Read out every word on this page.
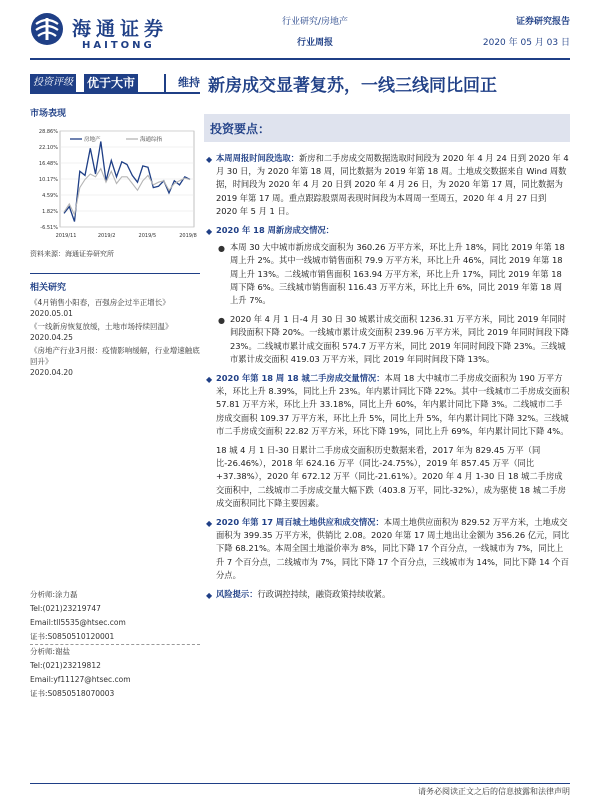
海通证券
HAITONG
行业研究/房地产
行业周报
证券研究报告
2020 年 05 月 03 日
投资评级 优于大市	维持
市场表现
28.86%
22.10%
16.48%
10.17%
4.59%
1.82%
-6.51%
2019/11	2019/2	2019/5	2019/8
房地产	海通综指
资料来源：海通证券研究所
相关研究
《4月销售小阳春，百强房企过半正增长》
2020.05.01
《一线新房恢复放缓，土地市场持续回温》
2020.04.25
《房地产行业3月报：疫情影响缓解，行业增速触底回升》
2020.04.20
分析师:涂力磊
Tel:(021)23219747
Email:tll5535@htsec.com
证书:S0850510120001
分析师:谢盐
Tel:(021)23219812
Email:yf11127@htsec.com
证书:S0850518070003
新房成交显著复苏，一线三线同比回正
投资要点：
◆ 本周周报时间段选取：新房和二手房成交周数据选取时间段为 2020 年 4 月 24 日到 2020 年 4 月 30 日，为 2020 年第 18 周，同比数据为 2019 年第 18 周。土地成交数据来自 Wind 周数据，时间段为 2020 年 4 月 20 日到 2020 年 4 月 26 日，为 2020 年第 17 周，同比数据为 2019 年第 17 周。重点跟踪股票周表现时间段为本周周一至周五，2020 年 4 月 27 日到 2020 年 5 月 1 日。
◆ 2020 年 18 周新房成交情况：
● 本周 30 大中城市新房成交面积为 360.26 万平方米，环比上升 18%，同比 2019 年第 18 周上升 2%。其中一线城市销售面积 79.9 万平方米，环比上升 46%，同比 2019 年第 18 周上升 13%。二线城市销售面积 163.94 万平方米，环比上升 17%，同比 2019 年第 18 周下降 6%。三线城市销售面积 116.43 万平方米，环比上升 6%，同比 2019 年第 18 周上升 7%。
● 2020 年 4 月 1 日-4 月 30 日 30 城累计成交面积 1236.31 万平方米，同比 2019 年同时间段面积下降 20%。一线城市累计成交面积 239.96 万平方米，同比 2019 年同时间段下降 23%。二线城市累计成交面积 574.7 万平方米，同比 2019 年同时间段下降 23%。三线城市累计成交面积 419.03 万平方米，同比 2019 年同时间段下降 13%。
◆ 2020 年第 18 周 18 城二手房成交量情况：本周 18 大中城市二手房成交面积为 190 万平方米，环比上升 8.39%，同比上升 23%。年内累计同比下降 22%。其中一线城市二手房成交面积 57.81 万平方米，环比上升 33.18%，同比上升 60%，年内累计同比下降 3%。二线城市二手房成交面积 109.37 万平方米，环比上升 5%，同比上升 5%，年内累计同比下降 32%。三线城市二手房成交面积 22.82 万平方米，环比下降 19%，同比上升 69%，年内累计同比下降 4%。
18 城 4 月 1 日-30 日累计二手房成交面积历史数据来看，2017 年为 829.45 万平（同比-26.46%），2018 年 624.16 万平（同比-24.75%），2019 年 857.45 万平（同比+37.38%），2020 年 672.12 万平（同比-21.61%）。2020 年 4 月 1-30 日 18 城二手房成交面积中，二线城市二手房成交量大幅下跌（403.8 万平，同比-32%），成为驱使 18 城二手房成交面积同比下降主要因素。
◆ 2020 年第 17 周百城土地供应和成交情况：本周土地供应面积为 829.52 万平方米，土地成交面积为 399.35 万平方米，供销比 2.08。2020 年第 17 周土地出让金额为 356.26 亿元，同比下降 68.21%。本周全国土地溢价率为 8%，同比下降 17 个百分点，一线城市为 7%，同比上升 7 个百分点，二线城市为 7%，同比下降 17 个百分点，三线城市为 14%，同比下降 14 个百分点。
◆ 风险提示：行政调控持续，融资政策持续收紧。
请务必阅读正文之后的信息披露和法律声明
